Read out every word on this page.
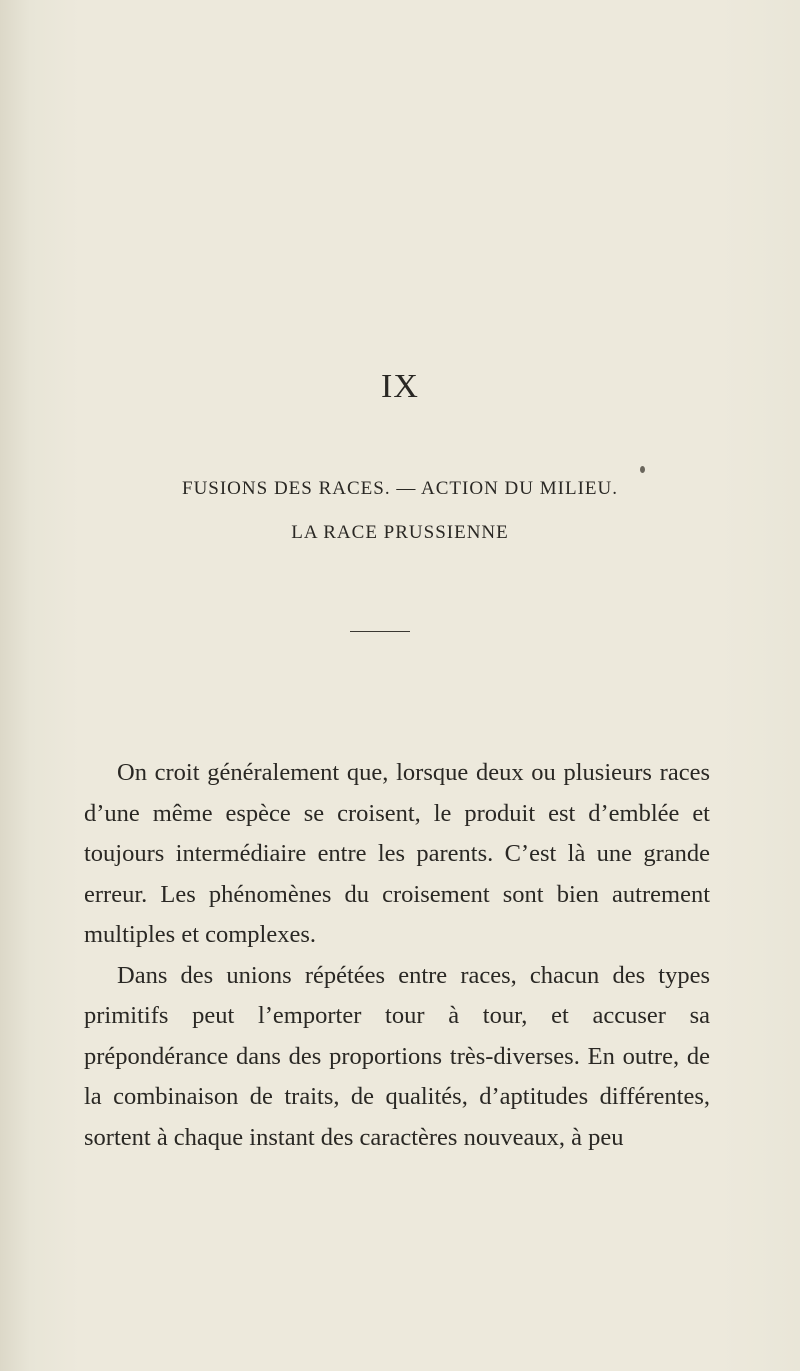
IX
FUSIONS DES RACES. — ACTION DU MILIEU.
LA RACE PRUSSIENNE

On croit généralement que, lorsque deux ou plusieurs races d’une même espèce se croisent, le produit est d’emblée et toujours intermédiaire entre les parents. C’est là une grande erreur. Les phénomènes du croisement sont bien autrement multiples et complexes.

Dans des unions répétées entre races, chacun des types primitifs peut l’emporter tour à tour, et accuser sa prépondérance dans des proportions très-diverses. En outre, de la combinaison de traits, de qualités, d’aptitudes différentes, sortent à chaque instant des caractères nouveaux, à peu
